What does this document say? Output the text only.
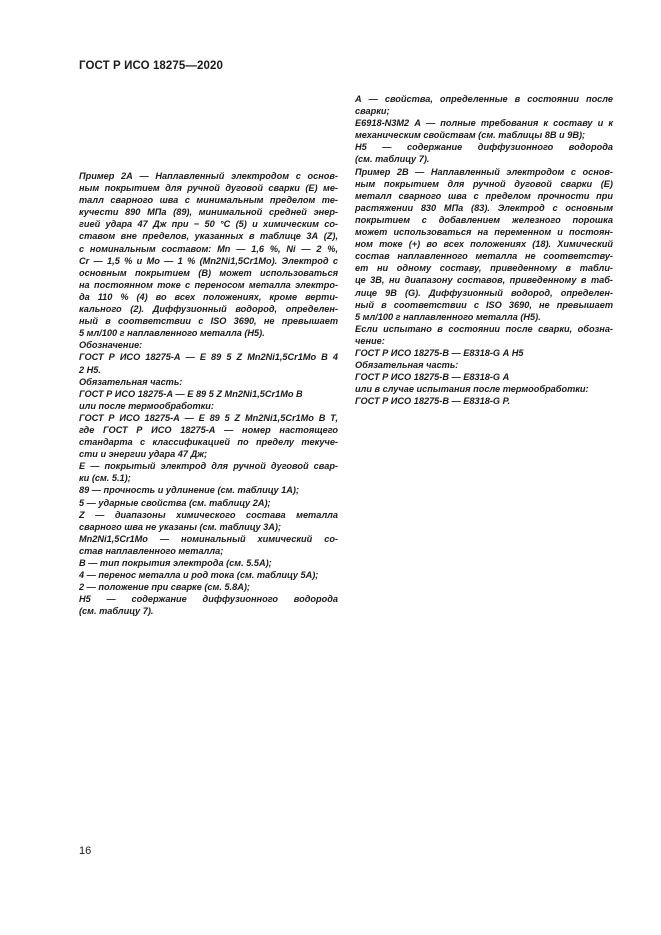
ГОСТ Р ИСО 18275—2020

Пример 2А — Наплавленный электродом с основ-

ным покрытием для ручной дуговой сварки (Е) ме-

талл сварного шва с минимальным пределом те-

кучести 890 МПа (89), минимальной средней энер-

гией удара 47 Дж при − 50 °С (5) и химическим со-

ставом вне пределов, указанных в таблице 3А (Z),

с номинальным составом: Mn — 1,6 %, Ni — 2 %,

Cr — 1,5 % и Mo — 1 % (Mn2Ni1,5Cr1Mo). Электрод с

основным покрытием (В) может использоваться

на постоянном токе с переносом металла электро-

да 110 % (4) во всех положениях, кроме верти-

кального (2). Диффузионный водород, определен-

ный в соответствии с ISO 3690, не превышает

5 мл/100 г наплавленного металла (Н5).

Обозначение:

ГОСТ Р ИСО 18275-А — Е 89 5 Z Mn2Ni1,5Cr1Mo В 4

2 Н5.

Обязательная часть:

ГОСТ Р ИСО 18275-А — Е 89 5 Z Mn2Ni1,5Cr1Mo В

или после термообработки:

ГОСТ Р ИСО 18275-А — Е 89 5 Z Mn2Ni1,5Cr1Mo В Т,

где ГОСТ Р ИСО 18275-А — номер настоящего

стандарта с классификацией по пределу текуче-

сти и энергии удара 47 Дж;

Е — покрытый электрод для ручной дуговой свар-

ки (см. 5.1);

89 — прочность и удлинение (см. таблицу 1А);

5 — ударные свойства (см. таблицу 2А);

Z — диапазоны химического состава металла

сварного шва не указаны (см. таблицу 3А);

Mn2Ni1,5Cr1Mo — номинальный химический со-

став наплавленного металла;

В — тип покрытия электрода (см. 5.5А);

4 — перенос металла и род тока (см. таблицу 5А);

2 — положение при сварке (см. 5.8А);

Н5 — содержание диффузионного водорода

(см. таблицу 7).

А — свойства, определенные в состоянии после

сварки;

Е6918-N3M2 А — полные требования к составу и к

механическим свойствам (см. таблицы 8В и 9В);

Н5 — содержание диффузионного водорода

(см. таблицу 7).

Пример 2В — Наплавленный электродом с основ-

ным покрытием для ручной дуговой сварки (Е)

металл сварного шва с пределом прочности при

растяжении 830 МПа (83). Электрод с основным

покрытием с добавлением железного порошка

может использоваться на переменном и постоян-

ном токе (+) во всех положениях (18). Химический

состав наплавленного металла не соответству-

ет ни одному составу, приведенному в табли-

це 3В, ни диапазону составов, приведенному в таб-

лице 9В (G). Диффузионный водород, определен-

ный в соответствии с ISO 3690, не превышает

5 мл/100 г наплавленного металла (Н5).

Если испытано в состоянии после сварки, обозна-

чение:

ГОСТ Р ИСО 18275-В — Е8318-G А Н5

Обязательная часть:

ГОСТ Р ИСО 18275-В — Е8318-G А

или в случае испытания после термообработки:

ГОСТ Р ИСО 18275-В — Е8318-G Р.

16
